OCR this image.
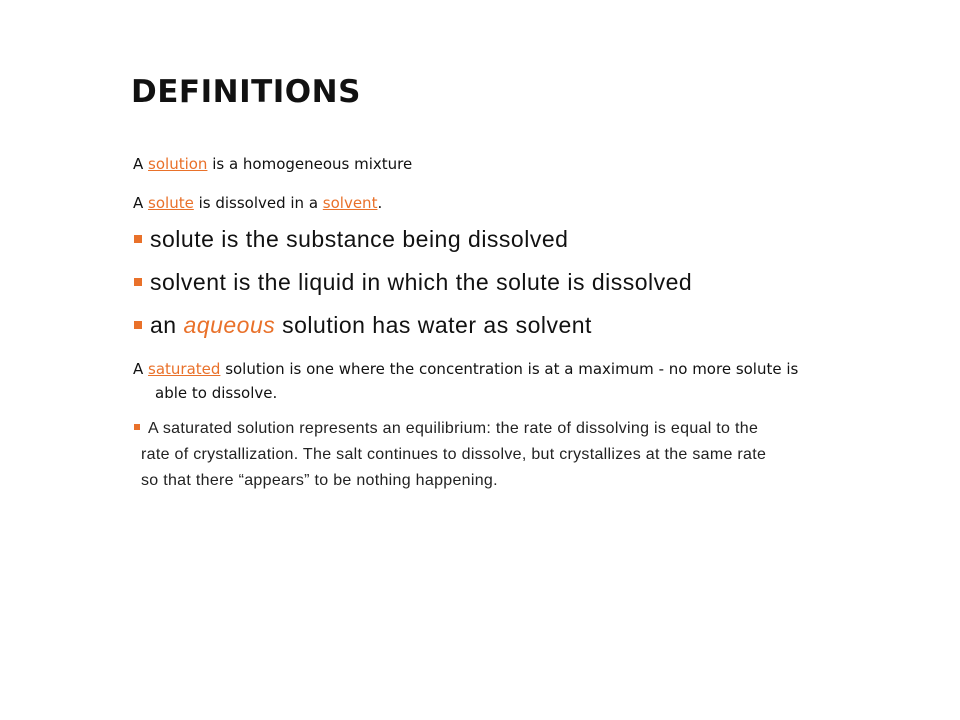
DEFINITIONS
A solution is a homogeneous mixture
A solute is dissolved in a solvent.
solute is the substance being dissolved
solvent is the liquid in which the solute is dissolved
an aqueous solution has water as solvent
A saturated solution is one where the concentration is at a maximum - no more solute is
able to dissolve.
A saturated solution represents an equilibrium: the rate of dissolving is equal to the
rate of crystallization. The salt continues to dissolve, but crystallizes at the same rate
so that there “appears” to be nothing happening.
